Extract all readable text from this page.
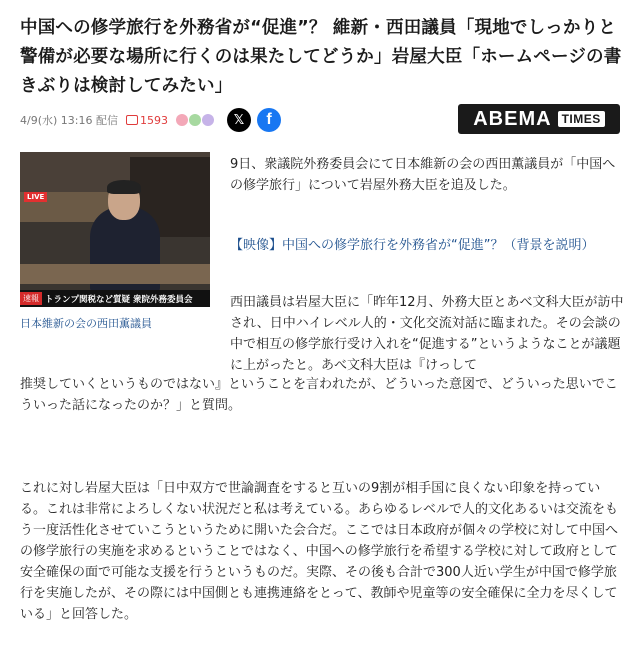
中国への修学旅行を外務省が“促進”？ 維新・西田議員「現地でしっかりと警備が必要な場所に行くのは果たしてどうか」岩屋大臣「ホームページの書きぶりは検討してみたい」
4/9(水) 13:16 配信 1593	𝕏	f	ABEMA TIMES
LIVE
速報 トランプ関税など質疑 衆院外務委員会
日本維新の会の西田薫議員

9日、衆議院外務委員会にて日本維新の会の西田薫議員が「中国への修学旅行」について岩屋外務大臣を追及した。

【映像】中国への修学旅行を外務省が“促進”？（背景を説明）

西田議員は岩屋大臣に「昨年12月、外務大臣とあべ文科大臣が訪中され、日中ハイレベル人的・文化交流対話に臨まれた。その会談の中で相互の修学旅行受け入れを“促進する”というようなことが議題に上がったと。あべ文科大臣は『けっして

推奨していくというものではない』ということを言われたが、どういった意図で、どういった思いでこういった話になったのか？」と質問。

これに対し岩屋大臣は「日中双方で世論調査をすると互いの9割が相手国に良くない印象を持っている。これは非常によろしくない状況だと私は考えている。あらゆるレベルで人的文化あるいは交流をもう一度活性化させていこうというために開いた会合だ。ここでは日本政府が個々の学校に対して中国への修学旅行の実施を求めるということではなく、中国への修学旅行を希望する学校に対して政府として安全確保の面で可能な支援を行うというものだ。実際、その後も合計で300人近い学生が中国で修学旅行を実施したが、その際には中国側とも連携連絡をとって、教師や児童等の安全確保に全力を尽くしている」と回答した。
